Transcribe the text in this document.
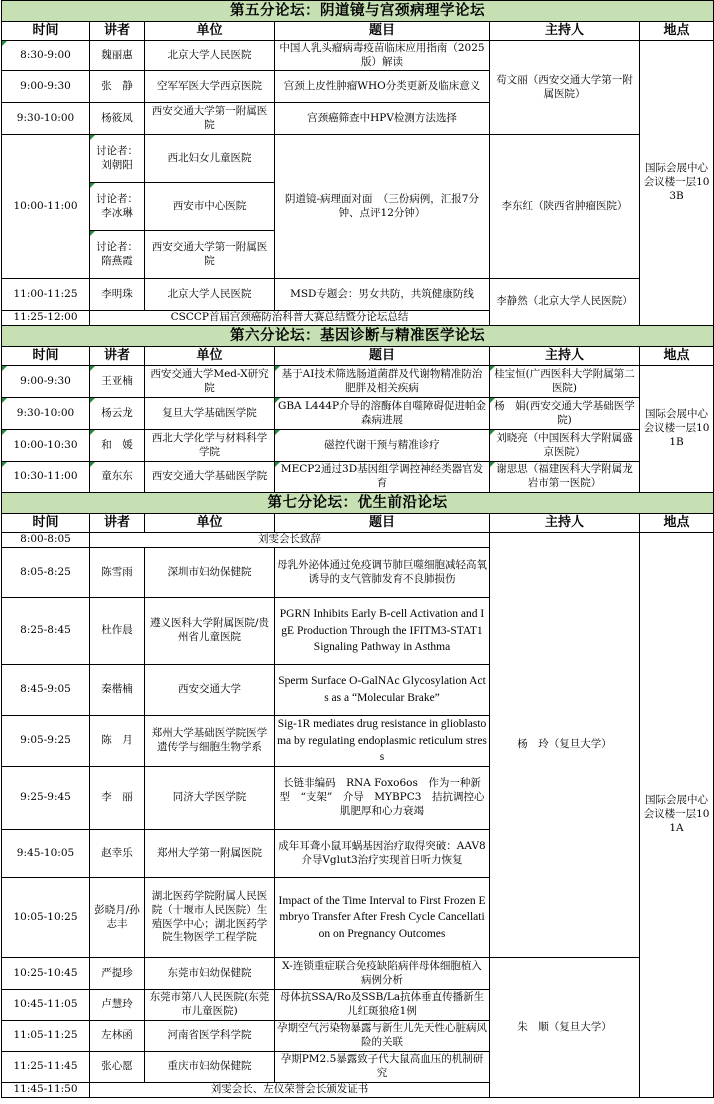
第五分论坛：阴道镜与宫颈病理学论坛					
时间	讲者	单位	题目	主持人	地点
8:30-9:00	魏丽惠	北京大学人民医院	中国人乳头瘤病毒疫苗临床应用指南（2025版）解读	苟文丽（西安交通大学第一附属医院）	国际会展中心会议楼一层103B
9:00-9:30	张　静	空军军医大学西京医院	宫颈上皮性肿瘤WHO分类更新及临床意义		
9:30-10:00	杨筱凤	西安交通大学第一附属医院	宫颈癌筛查中HPV检测方法选择		
10:00-11:00	讨论者：刘朝阳	西北妇女儿童医院	阴道镜-病理面对面　（三份病例，汇报7分钟、点评12分钟）	李东红（陕西省肿瘤医院）	
	讨论者：李冰琳	西安市中心医院			
	讨论者：隋燕霞	西安交通大学第一附属医院			
11:00-11:25	李明珠	北京大学人民医院	MSD专题会：男女共防，共筑健康防线	李静然（北京大学人民医院）	
11:25-12:00	CSCCP首届宫颈癌防治科普大赛总结暨分论坛总结				
第六分论坛：基因诊断与精准医学论坛					
时间	讲者	单位	题目	主持人	地点
9:00-9:30	王亚楠	西安交通大学Med-X研究院	基于AI技术筛选肠道菌群及代谢物精准防治肥胖及相关疾病	桂宝恒(广西医科大学附属第二医院)	国际会展中心会议楼一层101B
9:30-10:00	杨云龙	复旦大学基础医学院	GBA L444P介导的溶酶体自噬障碍促进帕金森病进展	杨　娟(西安交通大学基础医学院)	
10:00-10:30	和　媛	西北大学化学与材料科学学院	磁控代谢干预与精准诊疗	刘晓亮（中国医科大学附属盛京医院）	
10:30-11:00	童东东	西安交通大学基础医学院	MECP2通过3D基因组学调控神经类器官发育	谢思思（福建医科大学附属龙岩市第一医院）	
第七分论坛：优生前沿论坛					
时间	讲者	单位	题目	主持人	地点
8:00-8:05	刘雯会长致辞			杨　玲（复旦大学）	国际会展中心会议楼一层101A
8:05-8:25	陈雪雨	深圳市妇幼保健院	母乳外泌体通过免疫调节肺巨噬细胞减轻高氧诱导的支气管肺发育不良肺损伤		
8:25-8:45	杜作晨	遵义医科大学附属医院/贵州省儿童医院	PGRN Inhibits Early B-cell Activation and IgE Production Through the IFITM3-STAT1 Signaling Pathway in Asthma		
8:45-9:05	秦楷楠	西安交通大学	Sperm Surface O-GalNAc Glycosylation Acts as a “Molecular Brake”		
9:05-9:25	陈　月	郑州大学基础医学院医学遗传学与细胞生物学系	Sig-1R mediates drug resistance in glioblastoma by regulating endoplasmic reticulum stress		
9:25-9:45	李　丽	同济大学医学院	长链非编码　RNA Foxo6os　作为一种新型　“支架”　介导　MYBPC3　拮抗调控心肌肥厚和心力衰竭		
9:45-10:05	赵幸乐	郑州大学第一附属医院	成年耳聋小鼠耳蜗基因治疗取得突破：AAV8介导Vglut3治疗实现首日听力恢复		
10:05-10:25	彭晓月/孙志丰	湖北医药学院附属人民医院（十堰市人民医院）生殖医学中心；湖北医药学院生物医学工程学院	Impact of the Time Interval to First Frozen Embryo Transfer After Fresh Cycle Cancellation on Pregnancy Outcomes		
10:25-10:45	严提珍	东莞市妇幼保健院	X-连锁重症联合免疫缺陷病伴母体细胞植入病例分析	朱　顺（复旦大学）	
10:45-11:05	卢慧玲	东莞市第八人民医院(东莞市儿童医院)	母体抗SSA/Ro及SSB/La抗体垂直传播新生儿红斑狼疮1例		
11:05-11:25	左林函	河南省医学科学院	孕期空气污染物暴露与新生儿先天性心脏病风险的关联		
11:25-11:45	张心愿	重庆市妇幼保健院	孕期PM2.5暴露致子代大鼠高血压的机制研究		
11:45-11:50	刘雯会长、左仪荣誉会长颁发证书				
